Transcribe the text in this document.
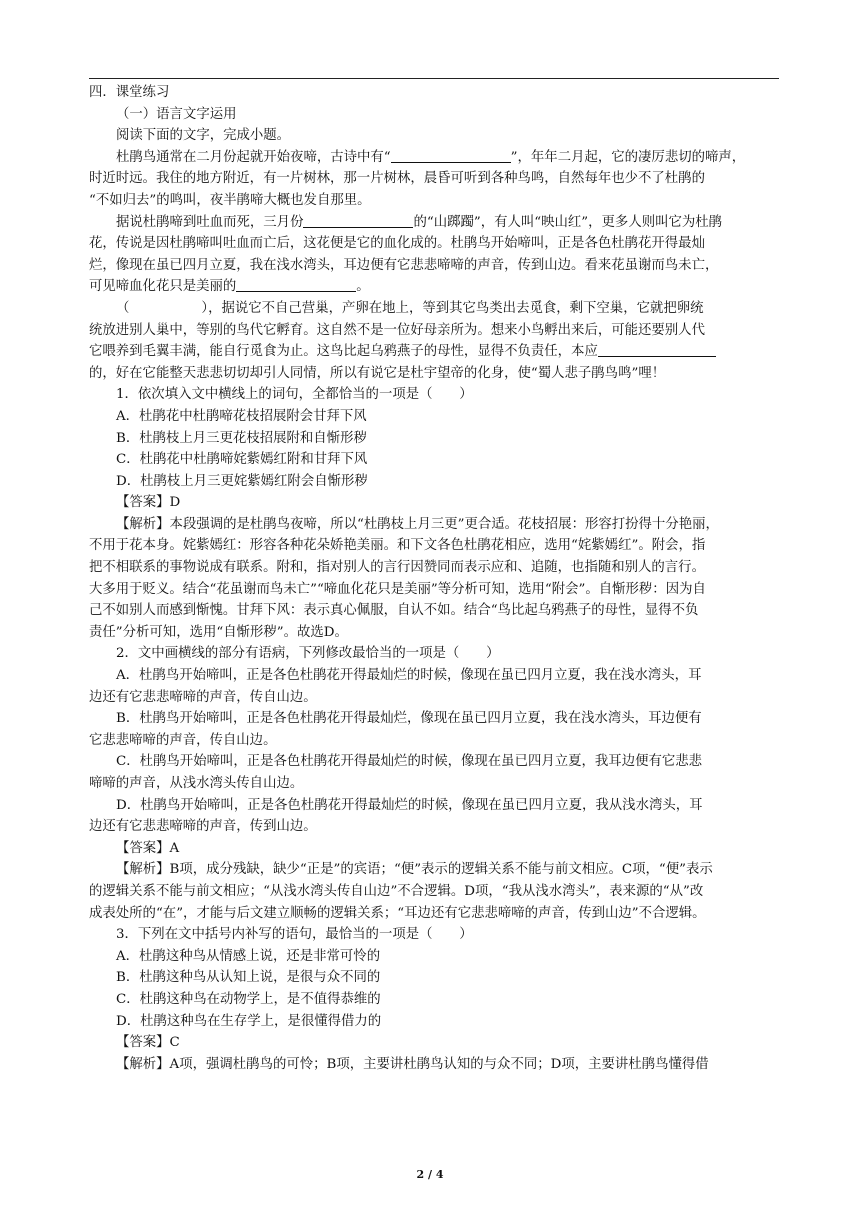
四．课堂练习
（一）语言文字运用
阅读下面的文字，完成小题。
杜鹃鸟通常在二月份起就开始夜啼，古诗中有“	”，年年二月起，它的凄厉悲切的啼声，
时近时远。我住的地方附近，有一片树林，那一片树林，晨昏可听到各种鸟鸣，自然每年也少不了杜鹃的
“不如归去”的鸣叫，夜半鹃啼大概也发自那里。
据说杜鹃啼到吐血而死，三月份	的“山踯躅”，有人叫“映山红”，更多人则叫它为杜鹃
花，传说是因杜鹃啼叫吐血而亡后，这花便是它的血化成的。杜鹃鸟开始啼叫，正是各色杜鹃花开得最灿
烂，像现在虽已四月立夏，我在浅水湾头，耳边便有它悲悲啼啼的声音，传到山边。看来花虽谢而鸟未亡，
可见啼血化花只是美丽的	。
（	），据说它不自己营巢，产卵在地上，等到其它鸟类出去觅食，剩下空巢，它就把卵统
统放进别人巢中，等别的鸟代它孵育。这自然不是一位好母亲所为。想来小鸟孵出来后，可能还要别人代
它喂养到毛翼丰满，能自行觅食为止。这鸟比起乌鸦燕子的母性，显得不负责任，本应
的，好在它能整天悲悲切切却引人同情，所以有说它是杜宇望帝的化身，使“蜀人悲子鹃鸟鸣”哩！
1．依次填入文中横线上的词句，全都恰当的一项是（　　）
A．杜鹃花中杜鹃啼花枝招展附会甘拜下风
B．杜鹃枝上月三更花枝招展附和自惭形秽
C．杜鹃花中杜鹃啼姹紫嫣红附和甘拜下风
D．杜鹃枝上月三更姹紫嫣红附会自惭形秽
【答案】D
【解析】本段强调的是杜鹃鸟夜啼，所以“杜鹃枝上月三更”更合适。花枝招展：形容打扮得十分艳丽，
不用于花本身。姹紫嫣红：形容各种花朵娇艳美丽。和下文各色杜鹃花相应，选用“姹紫嫣红”。附会，指
把不相联系的事物说成有联系。附和，指对别人的言行因赞同而表示应和、追随，也指随和别人的言行。
大多用于贬义。结合“花虽谢而鸟未亡”“啼血化花只是美丽”等分析可知，选用“附会”。自惭形秽：因为自
己不如别人而感到惭愧。甘拜下风：表示真心佩服，自认不如。结合“鸟比起乌鸦燕子的母性，显得不负
责任”分析可知，选用“自惭形秽”。故选D。
2．文中画横线的部分有语病，下列修改最恰当的一项是（　　）
A．杜鹃鸟开始啼叫，正是各色杜鹃花开得最灿烂的时候，像现在虽已四月立夏，我在浅水湾头，耳
边还有它悲悲啼啼的声音，传自山边。
B．杜鹃鸟开始啼叫，正是各色杜鹃花开得最灿烂，像现在虽已四月立夏，我在浅水湾头，耳边便有
它悲悲啼啼的声音，传自山边。
C．杜鹃鸟开始啼叫，正是各色杜鹃花开得最灿烂的时候，像现在虽已四月立夏，我耳边便有它悲悲
啼啼的声音，从浅水湾头传自山边。
D．杜鹃鸟开始啼叫，正是各色杜鹃花开得最灿烂的时候，像现在虽已四月立夏，我从浅水湾头，耳
边还有它悲悲啼啼的声音，传到山边。
【答案】A
【解析】B项，成分残缺，缺少“正是”的宾语；“便”表示的逻辑关系不能与前文相应。C项，“便”表示
的逻辑关系不能与前文相应；“从浅水湾头传自山边”不合逻辑。D项，“我从浅水湾头”，表来源的“从”改
成表处所的“在”，才能与后文建立顺畅的逻辑关系；“耳边还有它悲悲啼啼的声音，传到山边”不合逻辑。
3．下列在文中括号内补写的语句，最恰当的一项是（　　）
A．杜鹃这种鸟从情感上说，还是非常可怜的
B．杜鹃这种鸟从认知上说，是很与众不同的
C．杜鹃这种鸟在动物学上，是不值得恭维的
D．杜鹃这种鸟在生存学上，是很懂得借力的
【答案】C
【解析】A项，强调杜鹃鸟的可怜；B项，主要讲杜鹃鸟认知的与众不同；D项，主要讲杜鹃鸟懂得借
2 / 4
